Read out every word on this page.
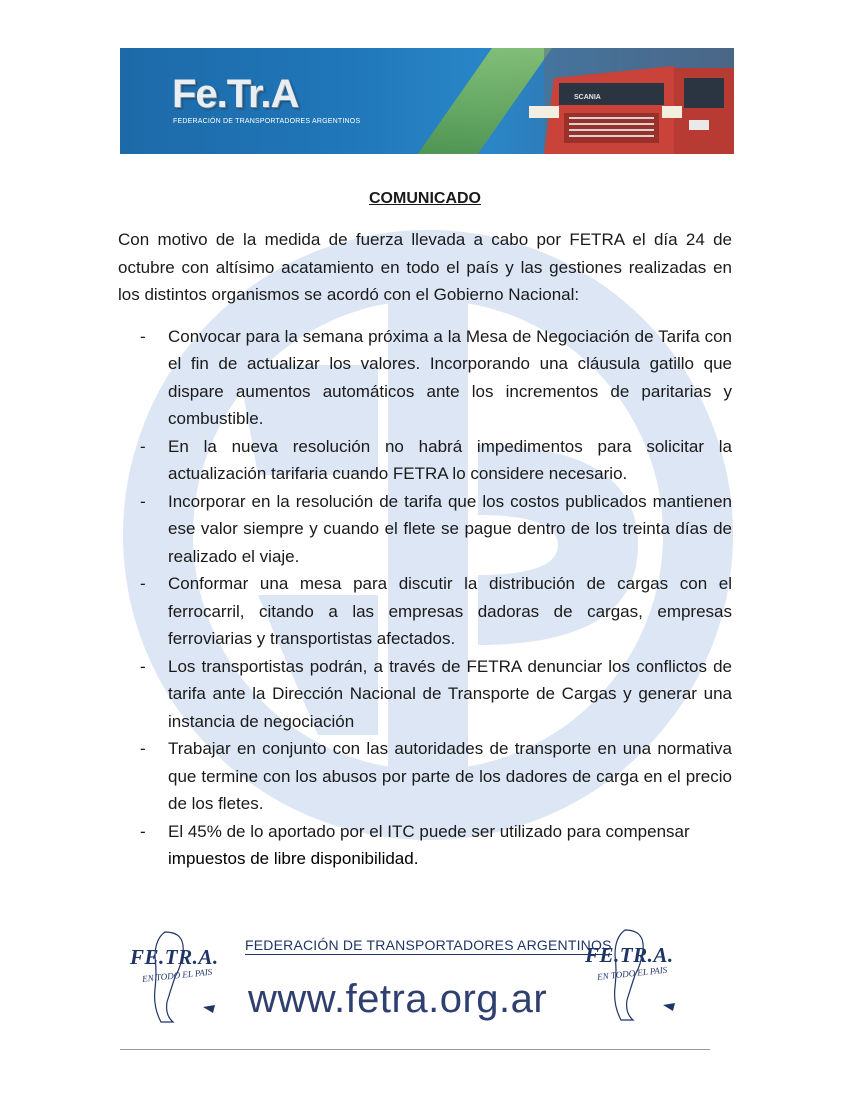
Fe.Tr.A
FEDERACIÓN DE TRANSPORTADORES ARGENTINOS
SCANIA
COMUNICADO

Con motivo de la medida de fuerza llevada a cabo por FETRA el día 24 de octubre con altísimo acatamiento en todo el país y las gestiones realizadas en los distintos organismos se acordó con el Gobierno Nacional:

- Convocar para la semana próxima a la Mesa de Negociación de Tarifa con el fin de actualizar los valores. Incorporando una cláusula gatillo que dispare aumentos automáticos ante los incrementos de paritarias y combustible.
- En la nueva resolución no habrá impedimentos para solicitar la actualización tarifaria cuando FETRA lo considere necesario.
- Incorporar en la resolución de tarifa que los costos publicados mantienen ese valor siempre y cuando el flete se pague dentro de los treinta días de realizado el viaje.
- Conformar una mesa para discutir la distribución de cargas con el ferrocarril, citando a las empresas dadoras de cargas, empresas ferroviarias y transportistas afectados.
- Los transportistas podrán, a través de FETRA denunciar los conflictos de tarifa ante la Dirección Nacional de Transporte de Cargas y generar una instancia de negociación
- Trabajar en conjunto con las autoridades de transporte en una normativa que termine con los abusos por parte de los dadores de carga en el precio de los fletes.
- El 45% de lo aportado por el ITC puede ser utilizado para compensar
impuestos de libre disponibilidad.
FE.TR.A.
EN TODO EL PAIS
FEDERACIÓN DE TRANSPORTADORES ARGENTINOS
www.fetra.org.ar
FE.TR.A.
EN TODO EL PAIS
